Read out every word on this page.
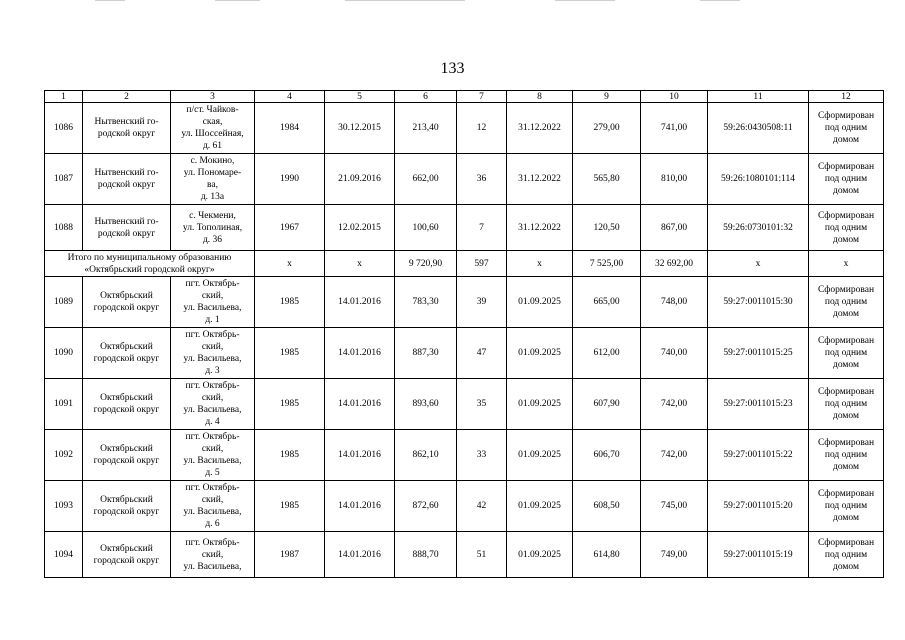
133
1	2	3	4	5	6	7	8	9	10	11	12
1086	Нытвенский го-
родской округ	п/ст. Чайков-
ская,
ул. Шоссейная,
д. 61	1984	30.12.2015	213,40	12	31.12.2022	279,00	741,00	59:26:0430508:11	Сформирован
под одним
домом
1087	Нытвенский го-
родской округ	с. Мокино,
ул. Пономаре-
ва,
д. 13а	1990	21.09.2016	662,00	36	31.12.2022	565,80	810,00	59:26:1080101:114	Сформирован
под одним
домом
1088	Нытвенский го-
родской округ	с. Чекмени,
ул. Тополиная,
д. 36	1967	12.02.2015	100,60	7	31.12.2022	120,50	867,00	59:26:0730101:32	Сформирован
под одним
домом
Итого по муниципальному образованию
«Октябрьский городской округ»			x	x	9 720,90	597	x	7 525,00	32 692,00	x	x
1089	Октябрьский
городской округ	пгт. Октябрь-
ский,
ул. Васильева,
д. 1	1985	14.01.2016	783,30	39	01.09.2025	665,00	748,00	59:27:0011015:30	Сформирован
под одним
домом
1090	Октябрьский
городской округ	пгт. Октябрь-
ский,
ул. Васильева,
д. 3	1985	14.01.2016	887,30	47	01.09.2025	612,00	740,00	59:27:0011015:25	Сформирован
под одним
домом
1091	Октябрьский
городской округ	пгт. Октябрь-
ский,
ул. Васильева,
д. 4	1985	14.01.2016	893,60	35	01.09.2025	607,90	742,00	59:27:0011015:23	Сформирован
под одним
домом
1092	Октябрьский
городской округ	пгт. Октябрь-
ский,
ул. Васильева,
д. 5	1985	14.01.2016	862,10	33	01.09.2025	606,70	742,00	59:27:0011015:22	Сформирован
под одним
домом
1093	Октябрьский
городской округ	пгт. Октябрь-
ский,
ул. Васильева,
д. 6	1985	14.01.2016	872,60	42	01.09.2025	608,50	745,00	59:27:0011015:20	Сформирован
под одним
домом
1094	Октябрьский
городской округ	пгт. Октябрь-
ский,
ул. Васильева,	1987	14.01.2016	888,70	51	01.09.2025	614,80	749,00	59:27:0011015:19	Сформирован
под одним
домом
